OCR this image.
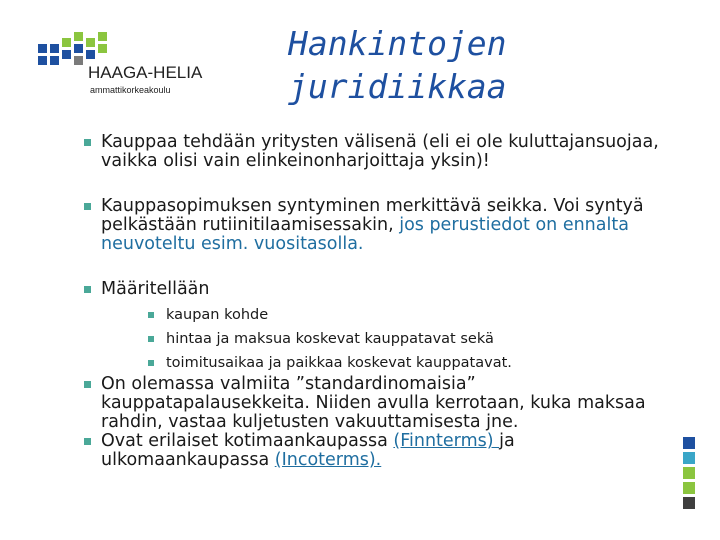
HAAGA-HELIA
ammattikorkeakoulu
Hankintojen
juridiikkaa
Kauppaa tehdään yritysten välisenä (eli ei ole kuluttajansuojaa, vaikka olisi vain elinkeinonharjoittaja yksin)!
Kauppasopimuksen syntyminen merkittävä seikka. Voi syntyä pelkästään rutiinitilaamisessakin, jos perustiedot on ennalta neuvoteltu esim. vuositasolla.
Määritellään
kaupan kohde
hintaa ja maksua koskevat kauppatavat sekä
toimitusaikaa ja paikkaa koskevat kauppatavat.
On olemassa valmiita ”standardinomaisia” kauppatapalausekkeita. Niiden avulla kerrotaan, kuka maksaa rahdin, vastaa kuljetusten vakuuttamisesta jne.
Ovat erilaiset kotimaankaupassa (Finnterms) ja ulkomaankaupassa (Incoterms).
